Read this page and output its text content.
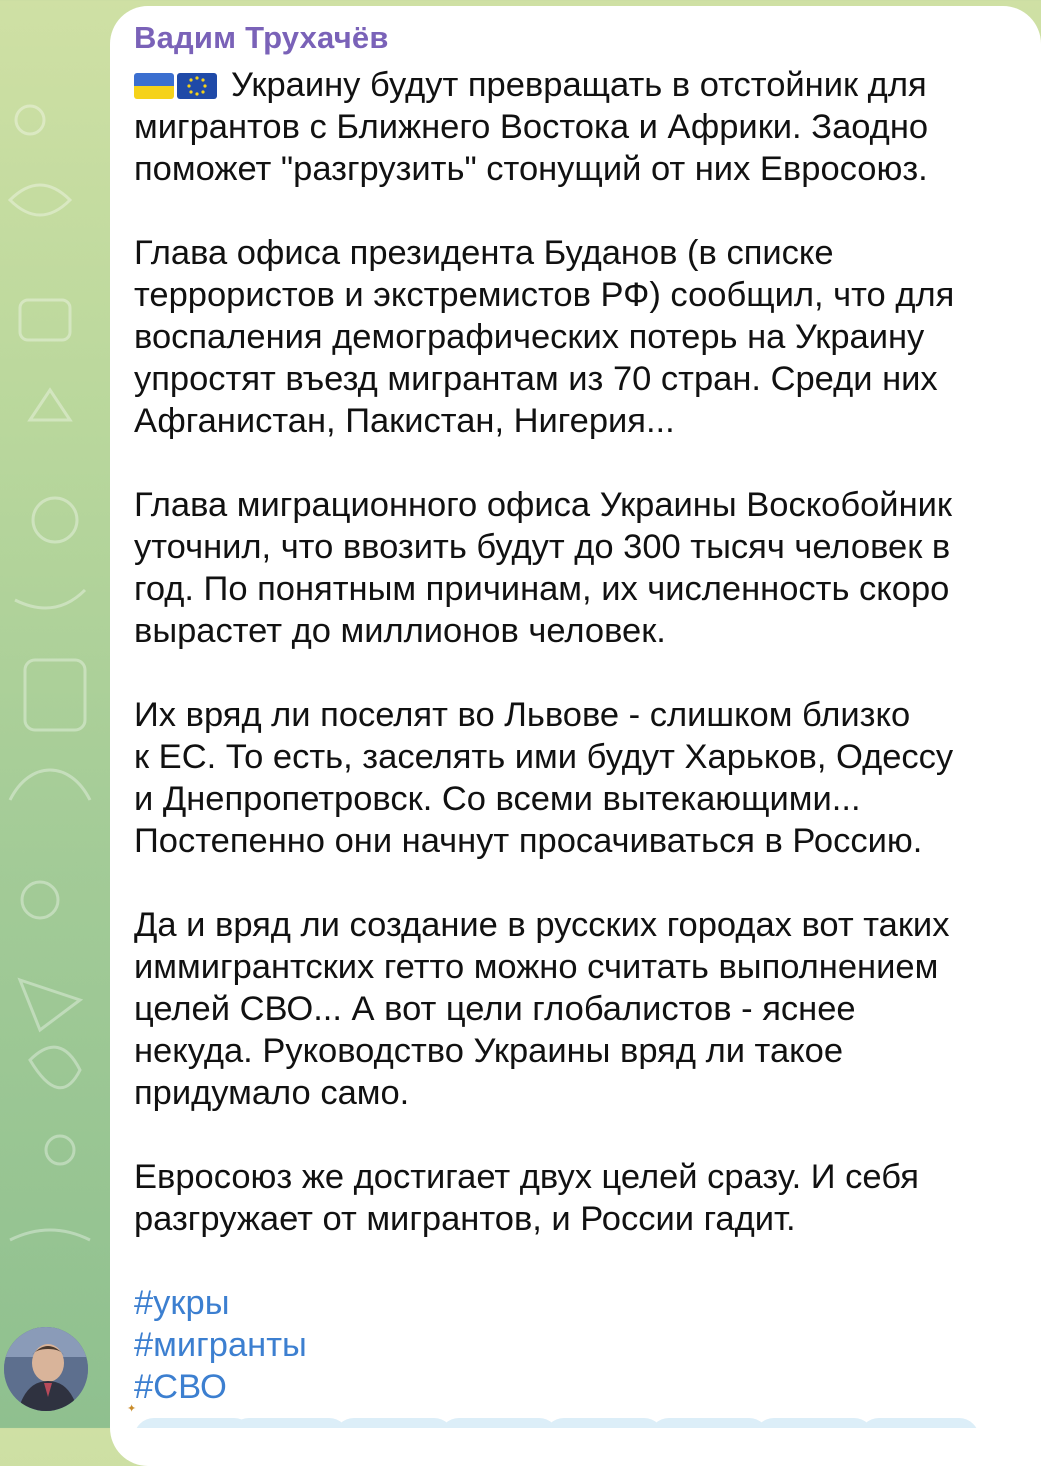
Вадим Трухачёв

Украину будут превращать в отстойник для
мигрантов с Ближнего Востока и Африки. Заодно
поможет "разгрузить" стонущий от них Евросоюз.

Глава офиса президента Буданов (в списке
террористов и экстремистов РФ) сообщил, что для
воспаления демографических потерь на Украину
упростят въезд мигрантам из 70 стран. Среди них
Афганистан, Пакистан, Нигерия...

Глава миграционного офиса Украины Воскобойник
уточнил, что ввозить будут до 300 тысяч человек в
год. По понятным причинам, их численность скоро
вырастет до миллионов человек.

Их вряд ли поселят во Львове - слишком близко
к ЕС. То есть, заселять ими будут Харьков, Одессу
и Днепропетровск. Со всеми вытекающими...
Постепенно они начнут просачиваться в Россию.

Да и вряд ли создание в русских городах вот таких
иммигрантских гетто можно считать выполнением
целей СВО... А вот цели глобалистов - яснее
некуда. Руководство Украины вряд ли такое
придумало само.

Евросоюз же достигает двух целей сразу. И себя
разгружает от мигрантов, и России гадит.

#укры
#мигранты
#СВО
✦
